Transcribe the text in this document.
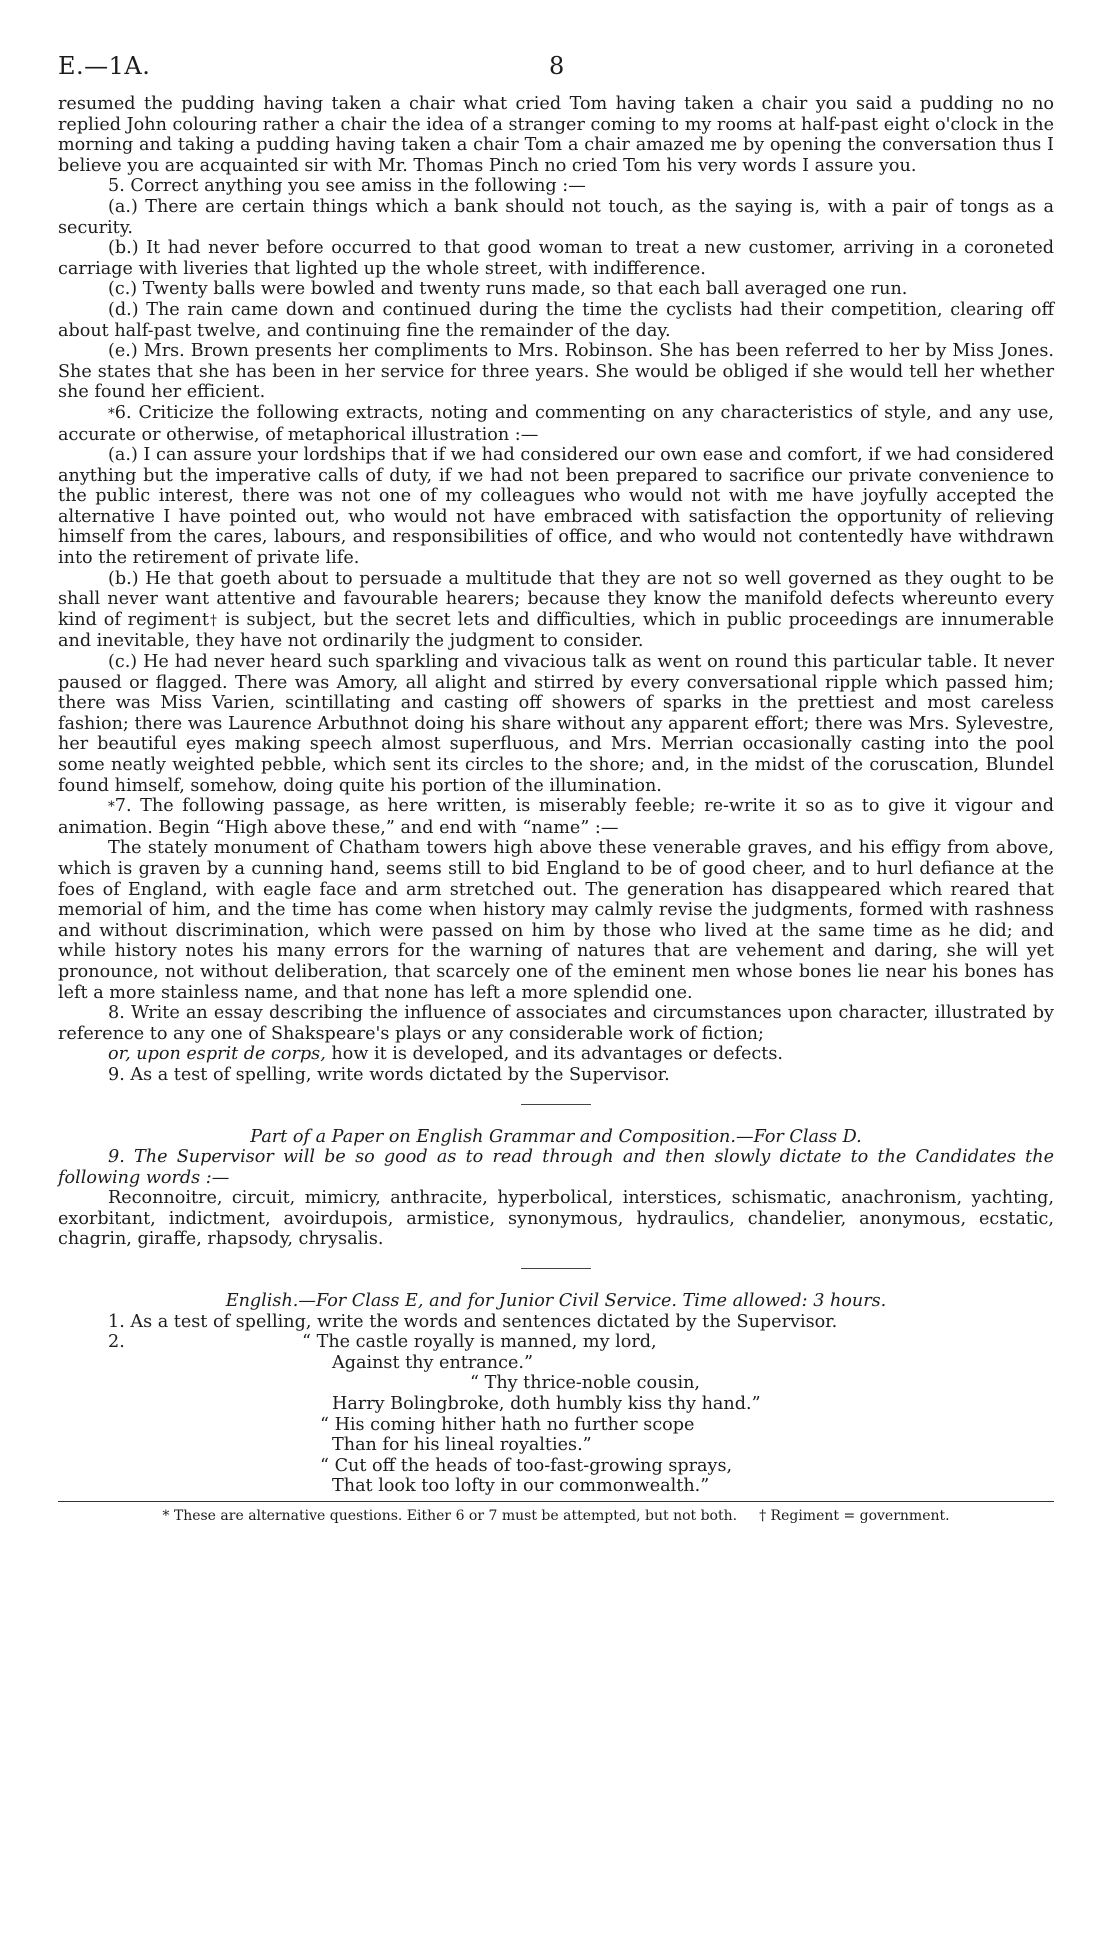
E.—1A.	8

resumed the pudding having taken a chair what cried Tom having taken a chair you said a pudding no no replied John colouring rather a chair the idea of a stranger coming to my rooms at half-past eight o'clock in the morning and taking a pudding having taken a chair Tom a chair amazed me by opening the conversation thus I believe you are acquainted sir with Mr. Thomas Pinch no cried Tom his very words I assure you.

5. Correct anything you see amiss in the following :—

(a.) There are certain things which a bank should not touch, as the saying is, with a pair of tongs as a security.

(b.) It had never before occurred to that good woman to treat a new customer, arriving in a coroneted carriage with liveries that lighted up the whole street, with indifference.

(c.) Twenty balls were bowled and twenty runs made, so that each ball averaged one run.

(d.) The rain came down and continued during the time the cyclists had their competition, clearing off about half-past twelve, and continuing fine the remainder of the day.

(e.) Mrs. Brown presents her compliments to Mrs. Robinson. She has been referred to her by Miss Jones. She states that she has been in her service for three years. She would be obliged if she would tell her whether she found her efficient.

*6. Criticize the following extracts, noting and commenting on any characteristics of style, and any use, accurate or otherwise, of metaphorical illustration :—

(a.) I can assure your lordships that if we had considered our own ease and comfort, if we had considered anything but the imperative calls of duty, if we had not been prepared to sacrifice our private convenience to the public interest, there was not one of my colleagues who would not with me have joyfully accepted the alternative I have pointed out, who would not have embraced with satisfaction the opportunity of relieving himself from the cares, labours, and responsibilities of office, and who would not contentedly have withdrawn into the retirement of private life.

(b.) He that goeth about to persuade a multitude that they are not so well governed as they ought to be shall never want attentive and favourable hearers; because they know the manifold defects whereunto every kind of regiment† is subject, but the secret lets and difficulties, which in public proceedings are innumerable and inevitable, they have not ordinarily the judgment to consider.

(c.) He had never heard such sparkling and vivacious talk as went on round this particular table. It never paused or flagged. There was Amory, all alight and stirred by every conversational ripple which passed him; there was Miss Varien, scintillating and casting off showers of sparks in the prettiest and most careless fashion; there was Laurence Arbuthnot doing his share without any apparent effort; there was Mrs. Sylevestre, her beautiful eyes making speech almost superfluous, and Mrs. Merrian occasionally casting into the pool some neatly weighted pebble, which sent its circles to the shore; and, in the midst of the coruscation, Blundel found himself, somehow, doing quite his portion of the illumination.

*7. The following passage, as here written, is miserably feeble; re-write it so as to give it vigour and animation. Begin “High above these,” and end with “name” :—

The stately monument of Chatham towers high above these venerable graves, and his effigy from above, which is graven by a cunning hand, seems still to bid England to be of good cheer, and to hurl defiance at the foes of England, with eagle face and arm stretched out. The generation has disappeared which reared that memorial of him, and the time has come when history may calmly revise the judgments, formed with rashness and without discrimination, which were passed on him by those who lived at the same time as he did; and while history notes his many errors for the warning of natures that are vehement and daring, she will yet pronounce, not without deliberation, that scarcely one of the eminent men whose bones lie near his bones has left a more stainless name, and that none has left a more splendid one.

8. Write an essay describing the influence of associates and circumstances upon character, illustrated by reference to any one of Shakspeare's plays or any considerable work of fiction;

or, upon esprit de corps, how it is developed, and its advantages or defects.

9. As a test of spelling, write words dictated by the Supervisor.

Part of a Paper on English Grammar and Composition.—For Class D.

9. The Supervisor will be so good as to read through and then slowly dictate to the Candidates the following words :—

Reconnoitre, circuit, mimicry, anthracite, hyperbolical, interstices, schismatic, anachronism, yachting, exorbitant, indictment, avoirdupois, armistice, synonymous, hydraulics, chandelier, anonymous, ecstatic, chagrin, giraffe, rhapsody, chrysalis.

English.—For Class E, and for Junior Civil Service. Time allowed: 3 hours.

1. As a test of spelling, write the words and sentences dictated by the Supervisor.

2.	“ The castle royally is manned, my lord,
Against thy entrance.”
“ Thy thrice-noble cousin,
Harry Bolingbroke, doth humbly kiss thy hand.”
“ His coming hither hath no further scope
Than for his lineal royalties.”
“ Cut off the heads of too-fast-growing sprays,
That look too lofty in our commonwealth.”
* These are alternative questions. Either 6 or 7 must be attempted, but not both. † Regiment = government.
